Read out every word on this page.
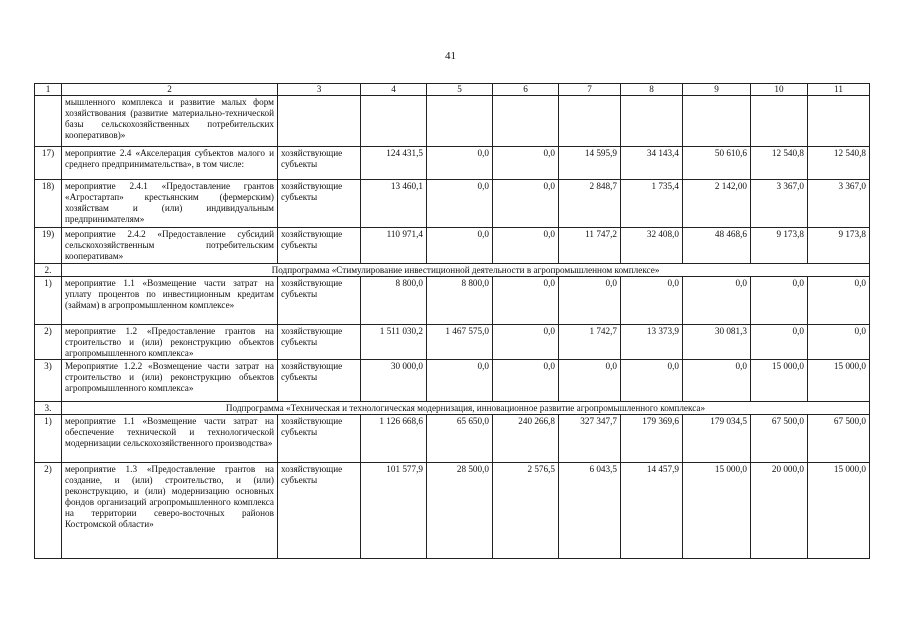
41
1	2	3	4	5	6	7	8	9	10	11
	мышленного комплекса и развитие малых форм хозяйствования (развитие материально-технической базы сельскохозяйственных потребительских кооперативов)»									
17)	мероприятие 2.4 «Акселерация субъектов малого и среднего предпринимательства», в том числе:	хозяйствующие субъекты	124 431,5	0,0	0,0	14 595,9	34 143,4	50 610,6	12 540,8	12 540,8
18)	мероприятие 2.4.1 «Предоставление грантов «Агростартап» крестьянским (фермерским) хозяйствам и (или) индивидуальным предпринимателям»	хозяйствующие субъекты	13 460,1	0,0	0,0	2 848,7	1 735,4	2 142,00	3 367,0	3 367,0
19)	мероприятие 2.4.2 «Предоставление субсидий сельскохозяйственным потребительским кооперативам»	хозяйствующие субъекты	110 971,4	0,0	0,0	11 747,2	32 408,0	48 468,6	9 173,8	9 173,8
2.	Подпрограмма «Стимулирование инвестиционной деятельности в агропромышленном комплексе»									
1)	мероприятие 1.1 «Возмещение части затрат на уплату процентов по инвестиционным кредитам (займам) в агропромышленном комплексе»	хозяйствующие субъекты	8 800,0	8 800,0	0,0	0,0	0,0	0,0	0,0	0,0
2)	мероприятие 1.2 «Предоставление грантов на строительство и (или) реконструкцию объектов агропромышленного комплекса»	хозяйствующие субъекты	1 511 030,2	1 467 575,0	0,0	1 742,7	13 373,9	30 081,3	0,0	0,0
3)	Мероприятие 1.2.2 «Возмещение части затрат на строительство и (или) реконструкцию объектов агропромышленного комплекса»	хозяйствующие субъекты	30 000,0	0,0	0,0	0,0	0,0	0,0	15 000,0	15 000,0
3.	Подпрограмма «Техническая и технологическая модернизация, инновационное развитие агропромышленного комплекса»									
1)	мероприятие 1.1 «Возмещение части затрат на обеспечение технической и технологической модернизации сельскохозяйственного производства»	хозяйствующие субъекты	1 126 668,6	65 650,0	240 266,8	327 347,7	179 369,6	179 034,5	67 500,0	67 500,0
2)	мероприятие 1.3 «Предоставление грантов на создание, и (или) строительство, и (или) реконструкцию, и (или) модернизацию основных фондов организаций агропромышленного комплекса на территории северо-восточных районов Костромской области»	хозяйствующие субъекты	101 577,9	28 500,0	2 576,5	6 043,5	14 457,9	15 000,0	20 000,0	15 000,0
